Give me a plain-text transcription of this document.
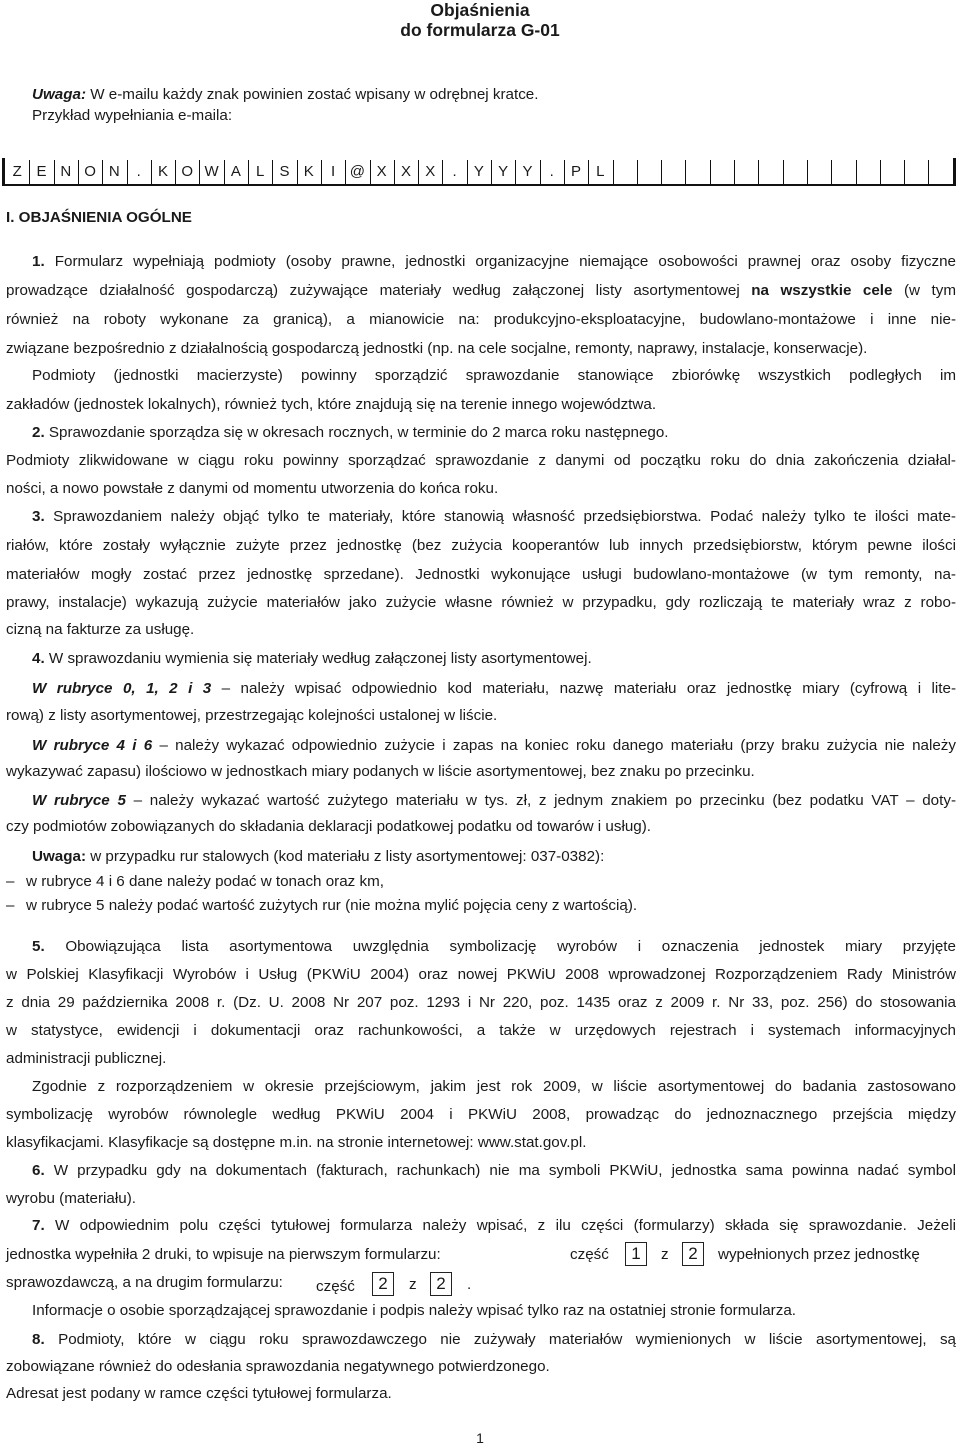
Objaśnienia
do formularza G-01
Uwaga: W e-mailu każdy znak powinien zostać wpisany w odrębnej kratce.
Przykład wypełniania e-maila:
Z E N O N	.	K O W A	L	S K	I @ X X X	.	Y Y Y	.	P	L
I. OBJAŚNIENIA OGÓLNE
1. Formularz wypełniają podmioty (osoby prawne, jednostki organizacyjne niemające osobowości prawnej oraz osoby fizyczne
prowadzące działalność gospodarczą) zużywające materiały według załączonej listy asortymentowej na wszystkie cele (w tym
również na roboty wykonane za granicą), a mianowicie na: produkcyjno-eksploatacyjne, budowlano-montażowe i inne nie-
związane bezpośrednio z działalnością gospodarczą jednostki (np. na cele socjalne, remonty, naprawy, instalacje, konserwacje).
Podmioty (jednostki macierzyste) powinny sporządzić sprawozdanie stanowiące zbiorówkę wszystkich podległych im
zakładów (jednostek lokalnych), również tych, które znajdują się na terenie innego województwa.
2. Sprawozdanie sporządza się w okresach rocznych, w terminie do 2 marca roku następnego.
Podmioty zlikwidowane w ciągu roku powinny sporządzać sprawozdanie z danymi od początku roku do dnia zakończenia działal-
ności, a nowo powstałe z danymi od momentu utworzenia do końca roku.
3. Sprawozdaniem należy objąć tylko te materiały, które stanowią własność przedsiębiorstwa. Podać należy tylko te ilości mate-
riałów, które zostały wyłącznie zużyte przez jednostkę (bez zużycia kooperantów lub innych przedsiębiorstw, którym pewne ilości
materiałów mogły zostać przez jednostkę sprzedane). Jednostki wykonujące usługi budowlano-montażowe (w tym remonty, na-
prawy, instalacje) wykazują zużycie materiałów jako zużycie własne również w przypadku, gdy rozliczają te materiały wraz z robo-
cizną na fakturze za usługę.
4. W sprawozdaniu wymienia się materiały według załączonej listy asortymentowej.
W rubryce 0, 1, 2 i 3 – należy wpisać odpowiednio kod materiału, nazwę materiału oraz jednostkę miary (cyfrową i lite-
rową) z listy asortymentowej, przestrzegając kolejności ustalonej w liście.
W rubryce 4 i 6 – należy wykazać odpowiednio zużycie i zapas na koniec roku danego materiału (przy braku zużycia nie należy
wykazywać zapasu) ilościowo w jednostkach miary podanych w liście asortymentowej, bez znaku po przecinku.
W rubryce 5 – należy wykazać wartość zużytego materiału w tys. zł, z jednym znakiem po przecinku (bez podatku VAT – doty-
czy podmiotów zobowiązanych do składania deklaracji podatkowej podatku od towarów i usług).
Uwaga: w przypadku rur stalowych (kod materiału z listy asortymentowej: 037-0382):
– w rubryce 4 i 6 dane należy podać w tonach oraz km,
– w rubryce 5 należy podać wartość zużytych rur (nie można mylić pojęcia ceny z wartością).
5. Obowiązująca lista asortymentowa uwzględnia symbolizację wyrobów i oznaczenia jednostek miary przyjęte
w Polskiej Klasyfikacji Wyrobów i Usług (PKWiU 2004) oraz nowej PKWiU 2008 wprowadzonej Rozporządzeniem Rady Ministrów
z dnia 29 października 2008 r. (Dz. U. 2008 Nr 207 poz. 1293 i Nr 220, poz. 1435 oraz z 2009 r. Nr 33, poz. 256) do stosowania
w statystyce, ewidencji i dokumentacji oraz rachunkowości, a także w urzędowych rejestrach i systemach informacyjnych
administracji publicznej.
Zgodnie z rozporządzeniem w okresie przejściowym, jakim jest rok 2009, w liście asortymentowej do badania zastosowano
symbolizację wyrobów równolegle według PKWiU 2004 i PKWiU 2008, prowadząc do jednoznacznego przejścia między
klasyfikacjami. Klasyfikacje są dostępne m.in. na stronie internetowej: www.stat.gov.pl.
6. W przypadku gdy na dokumentach (fakturach, rachunkach) nie ma symboli PKWiU, jednostka sama powinna nadać symbol
wyrobu (materiału).
7. W odpowiednim polu części tytułowej formularza należy wpisać, z ilu części (formularzy) składa się sprawozdanie. Jeżeli
jednostka wypełniła 2 druki, to wpisuje na pierwszym formularzu:	część	1	z	2	wypełnionych przez jednostkę
sprawozdawczą, a na drugim formularzu: część	2	z	2	.
Informacje o osobie sporządzającej sprawozdanie i podpis należy wpisać tylko raz na ostatniej stronie formularza.
8. Podmioty, które w ciągu roku sprawozdawczego nie zużywały materiałów wymienionych w liście asortymentowej, są
zobowiązane również do odesłania sprawozdania negatywnego potwierdzonego.
Adresat jest podany w ramce części tytułowej formularza.
1
